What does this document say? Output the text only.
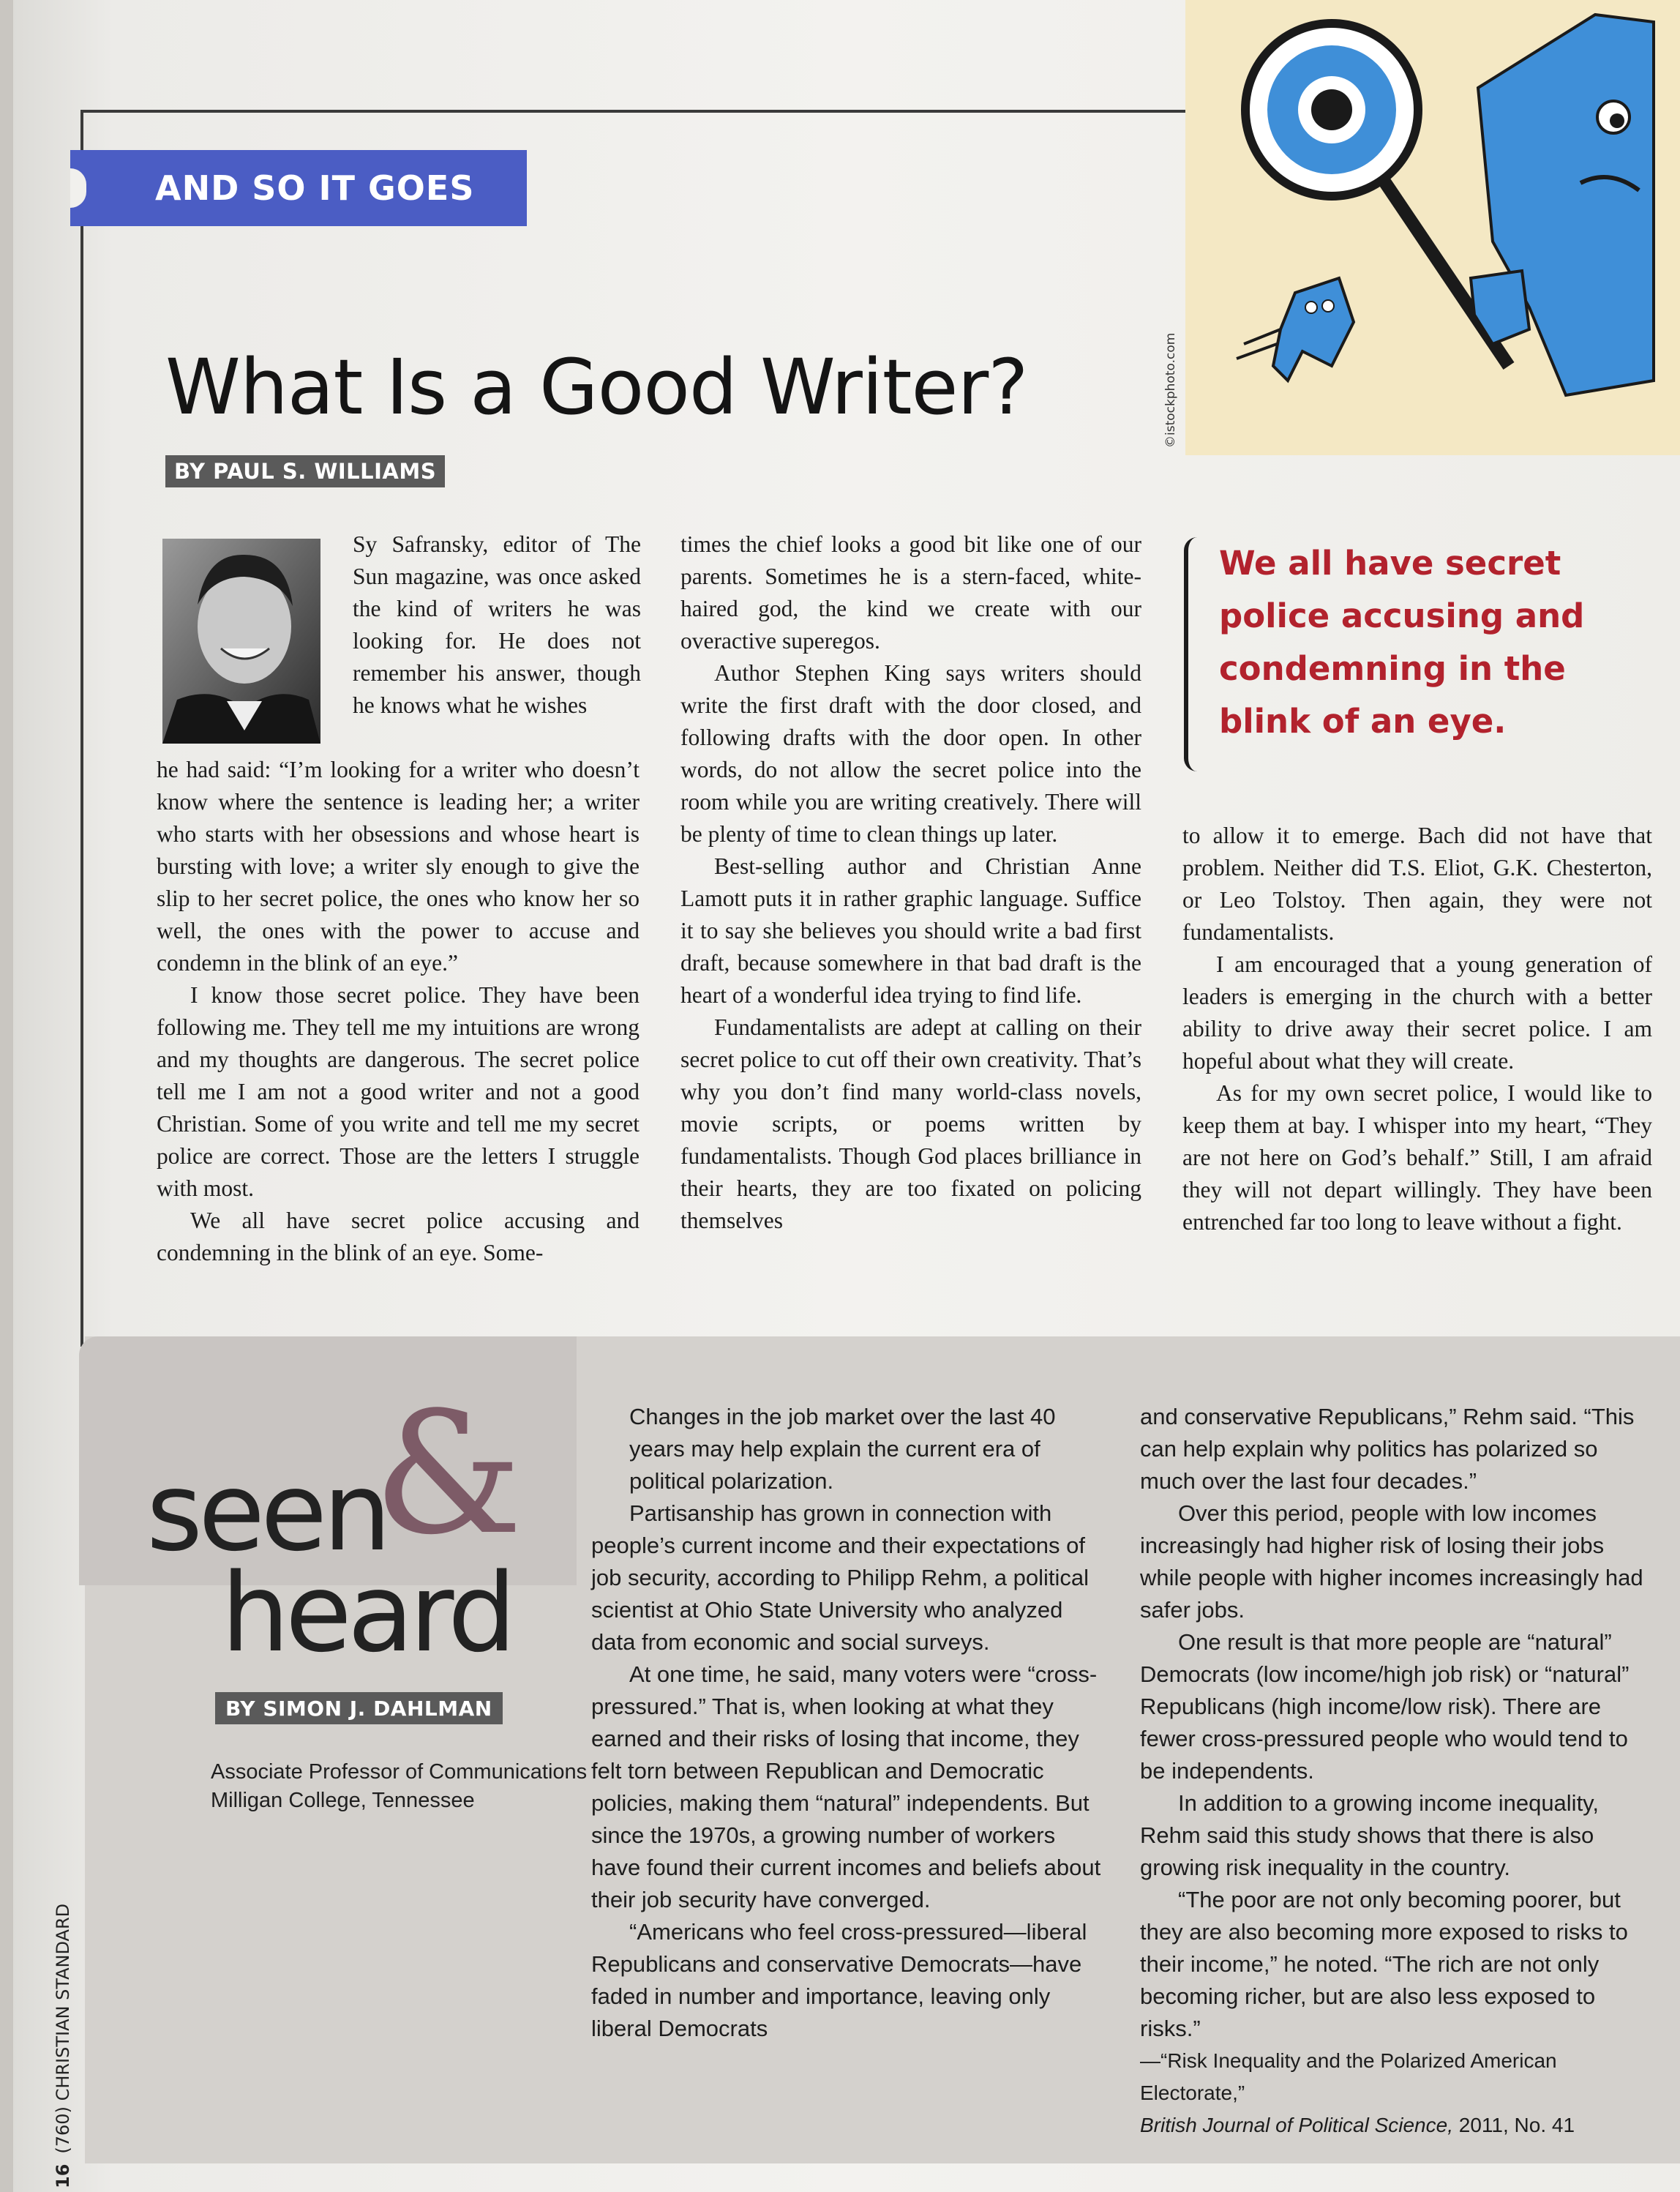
AND SO IT GOES
What Is a Good Writer?
BY PAUL S. WILLIAMS
©istockphoto.com

Sy Safransky, editor of The Sun magazine, was once asked the kind of writers he was looking for. He does not remember his answer, though he knows what he wishes

he had said: “I’m looking for a writer who doesn’t know where the sentence is leading her; a writer who starts with her obsessions and whose heart is bursting with love; a writer sly enough to give the slip to her secret police, the ones who know her so well, the ones with the power to accuse and condemn in the blink of an eye.”

I know those secret police. They have been following me. They tell me my intuitions are wrong and my thoughts are dangerous. The secret police tell me I am not a good writer and not a good Christian. Some of you write and tell me my secret police are correct. Those are the letters I struggle with most.

We all have secret police accusing and condemning in the blink of an eye. Some-

times the chief looks a good bit like one of our parents. Sometimes he is a stern-faced, white-haired god, the kind we create with our overactive superegos.

Author Stephen King says writers should write the first draft with the door closed, and following drafts with the door open. In other words, do not allow the secret police into the room while you are writing creatively. There will be plenty of time to clean things up later.

Best-selling author and Christian Anne Lamott puts it in rather graphic language. Suffice it to say she believes you should write a bad first draft, because somewhere in that bad draft is the heart of a wonderful idea trying to find life.

Fundamentalists are adept at calling on their secret police to cut off their own creativity. That’s why you don’t find many world-class novels, movie scripts, or poems written by fundamentalists. Though God places brilliance in their hearts, they are too fixated on policing themselves

We all have secret police accusing and condemning in the blink of an eye.

to allow it to emerge. Bach did not have that problem. Neither did T.S. Eliot, G.K. Chesterton, or Leo Tolstoy. Then again, they were not fundamentalists.

I am encouraged that a young generation of leaders is emerging in the church with a better ability to drive away their secret police. I am hopeful about what they will create.

As for my own secret police, I would like to keep them at bay. I whisper into my heart, “They are not here on God’s behalf.” Still, I am afraid they will not depart willingly. They have been entrenched far too long to leave without a fight.

&
seen
heard
BY SIMON J. DAHLMAN
Associate Professor of Communications
Milligan College, Tennessee

Changes in the job market over the last 40 years may help explain the current era of political polarization.

Partisanship has grown in connection with people’s current income and their expectations of job security, according to Philipp Rehm, a political scientist at Ohio State University who analyzed data from economic and social surveys.

At one time, he said, many voters were “cross-pressured.” That is, when looking at what they earned and their risks of losing that income, they felt torn between Republican and Democratic policies, making them “natural” independents. But since the 1970s, a growing number of workers have found their current incomes and beliefs about their job security have converged.

“Americans who feel cross-pressured—liberal Republicans and conservative Democrats—have faded in number and importance, leaving only liberal Democrats

and conservative Republicans,” Rehm said. “This can help explain why politics has polarized so much over the last four decades.”

Over this period, people with low incomes increasingly had higher risk of losing their jobs while people with higher incomes increasingly had safer jobs.

One result is that more people are “natural” Democrats (low income/high job risk) or “natural” Republicans (high income/low risk). There are fewer cross-pressured people who would tend to be independents.

In addition to a growing income inequality, Rehm said this study shows that there is also growing risk inequality in the country.

“The poor are not only becoming poorer, but they are also becoming more exposed to risks to their income,” he noted. “The rich are not only becoming richer, but are also less exposed to risks.”

—“Risk Inequality and the Polarized American Electorate,”
British Journal of Political Science, 2011, No. 41

16(760) CHRISTIAN STANDARD
